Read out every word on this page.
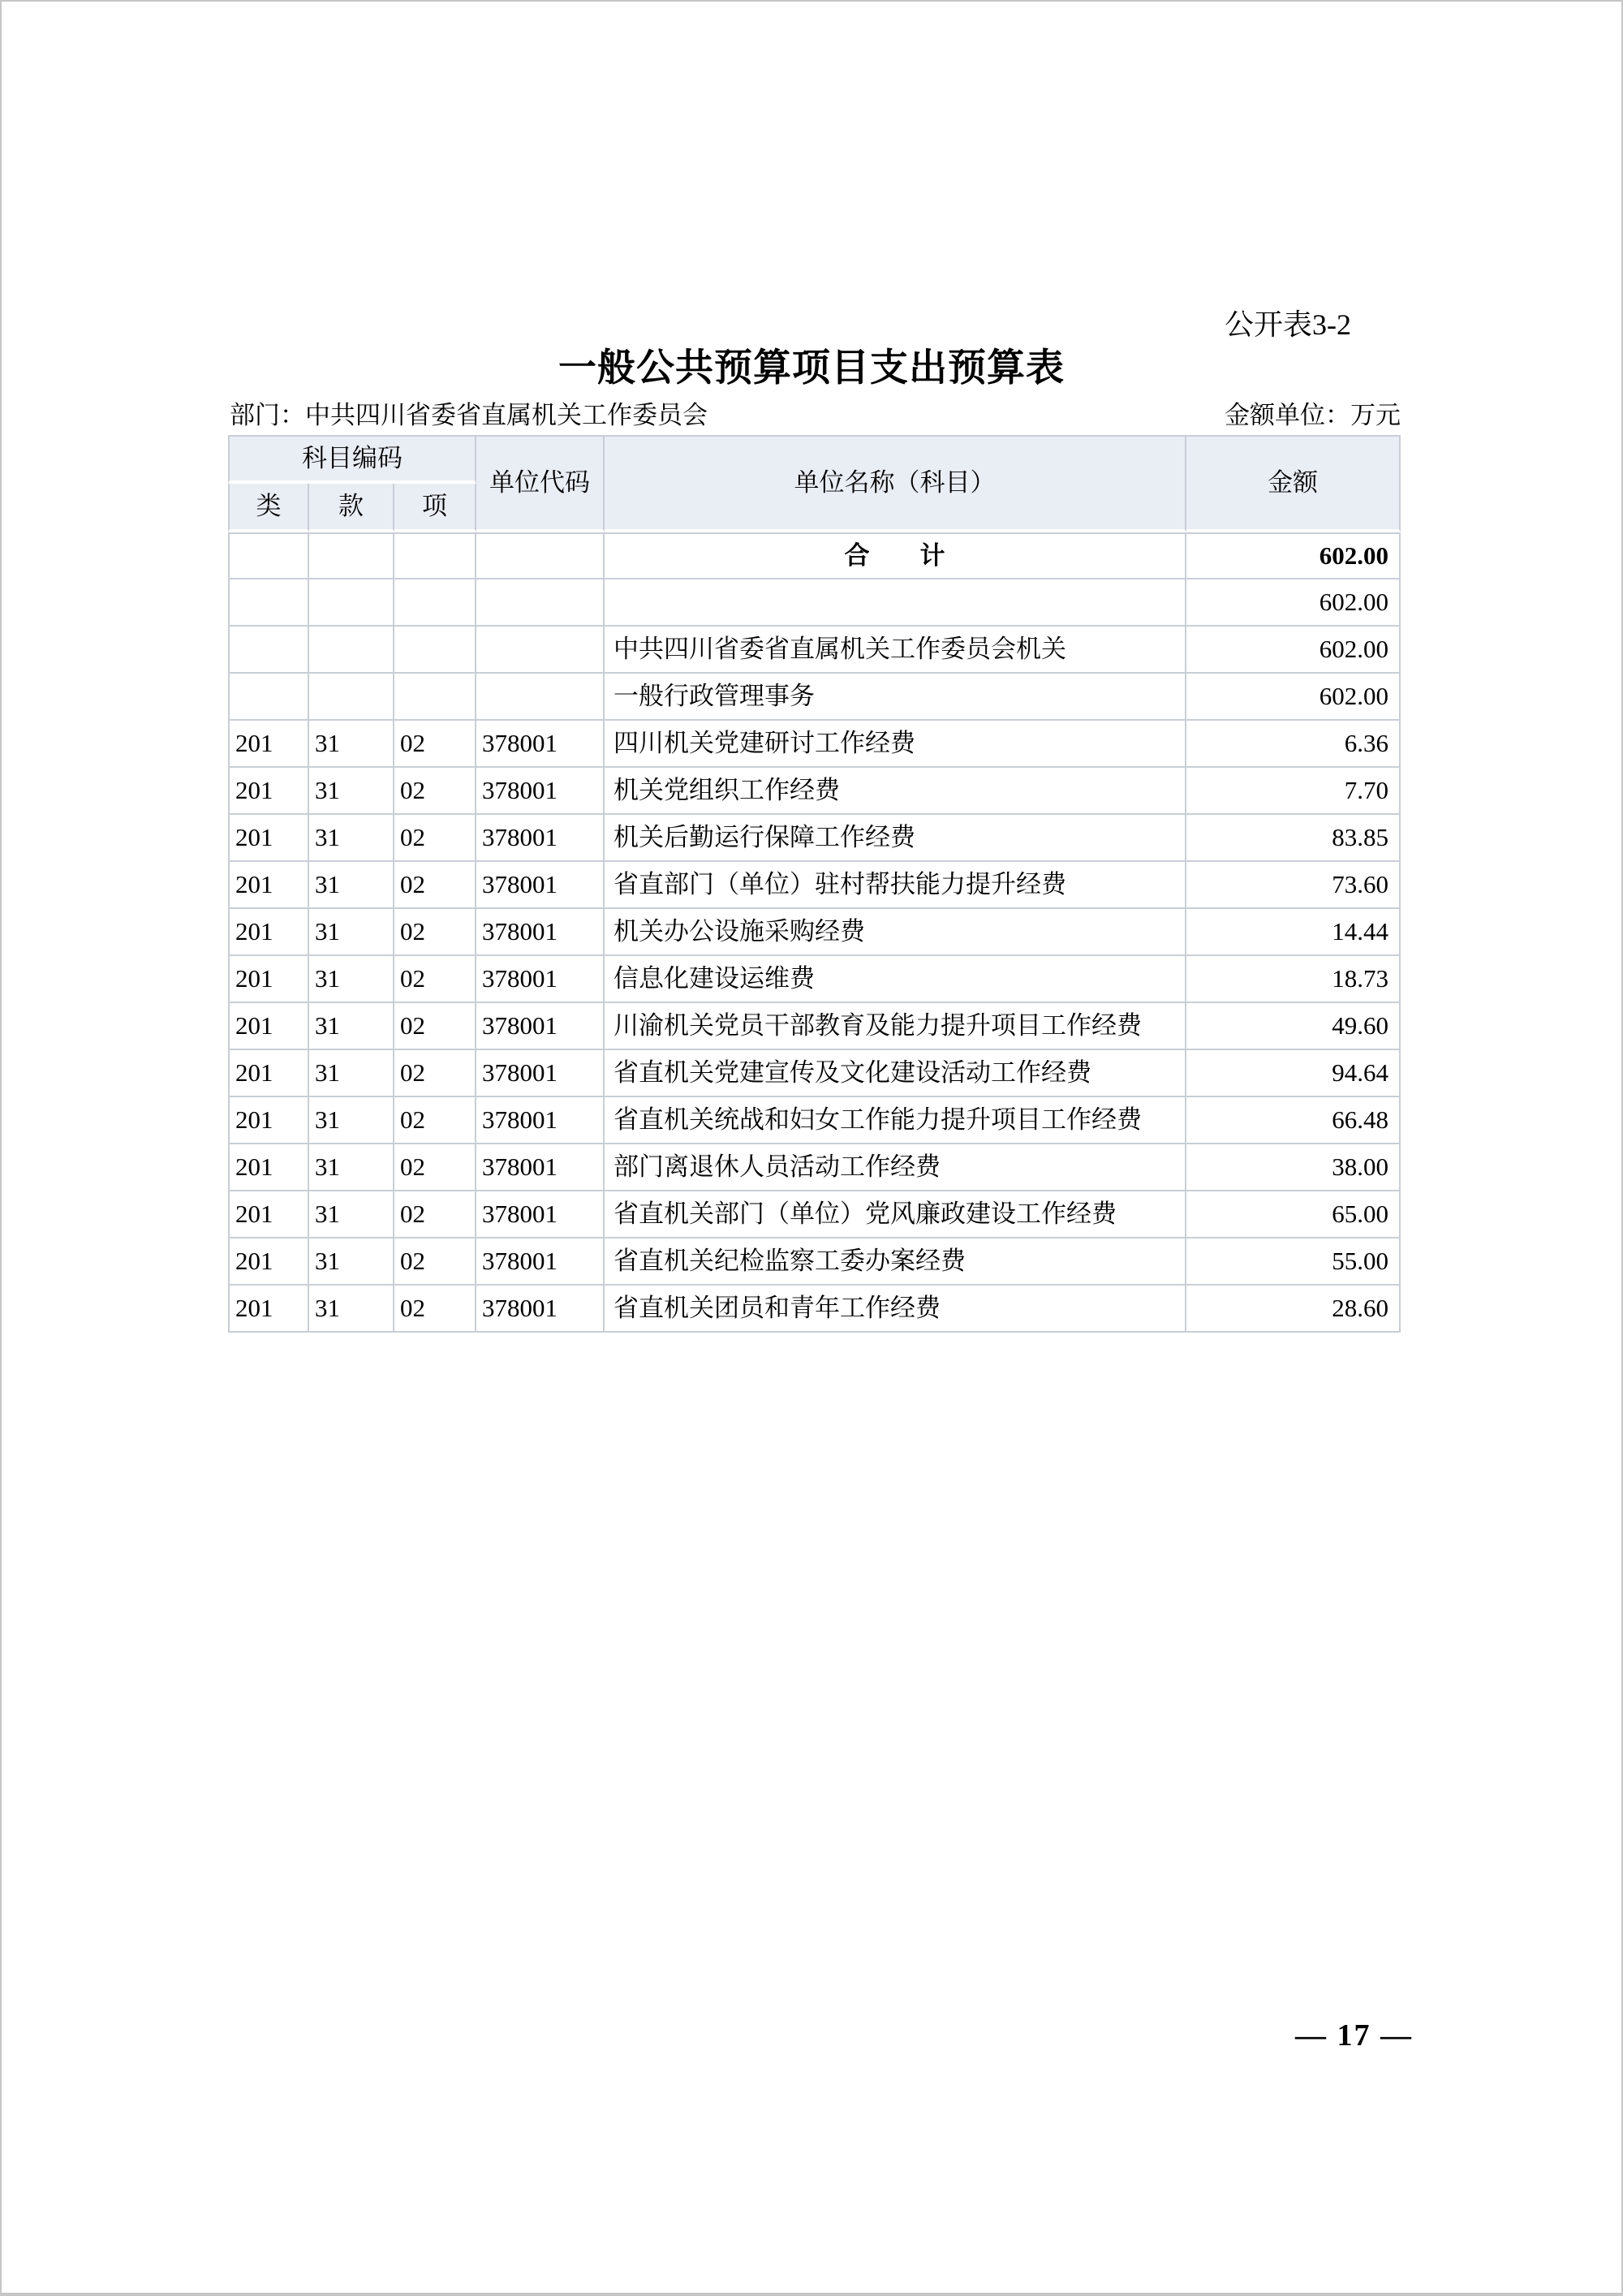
公开表3-2
一般公共预算项目支出预算表
部门：中共四川省委省直属机关工作委员会	金额单位：万元
科目编码			单位代码	单位名称（科目）	金额
类	款	项			
				合　　计	602.00
					602.00
				中共四川省委省直属机关工作委员会机关	602.00
				一般行政管理事务	602.00
201	31	02	378001	四川机关党建研讨工作经费	6.36
201	31	02	378001	机关党组织工作经费	7.70
201	31	02	378001	机关后勤运行保障工作经费	83.85
201	31	02	378001	省直部门（单位）驻村帮扶能力提升经费	73.60
201	31	02	378001	机关办公设施采购经费	14.44
201	31	02	378001	信息化建设运维费	18.73
201	31	02	378001	川渝机关党员干部教育及能力提升项目工作经费	49.60
201	31	02	378001	省直机关党建宣传及文化建设活动工作经费	94.64
201	31	02	378001	省直机关统战和妇女工作能力提升项目工作经费	66.48
201	31	02	378001	部门离退休人员活动工作经费	38.00
201	31	02	378001	省直机关部门（单位）党风廉政建设工作经费	65.00
201	31	02	378001	省直机关纪检监察工委办案经费	55.00
201	31	02	378001	省直机关团员和青年工作经费	28.60
— 17 —
